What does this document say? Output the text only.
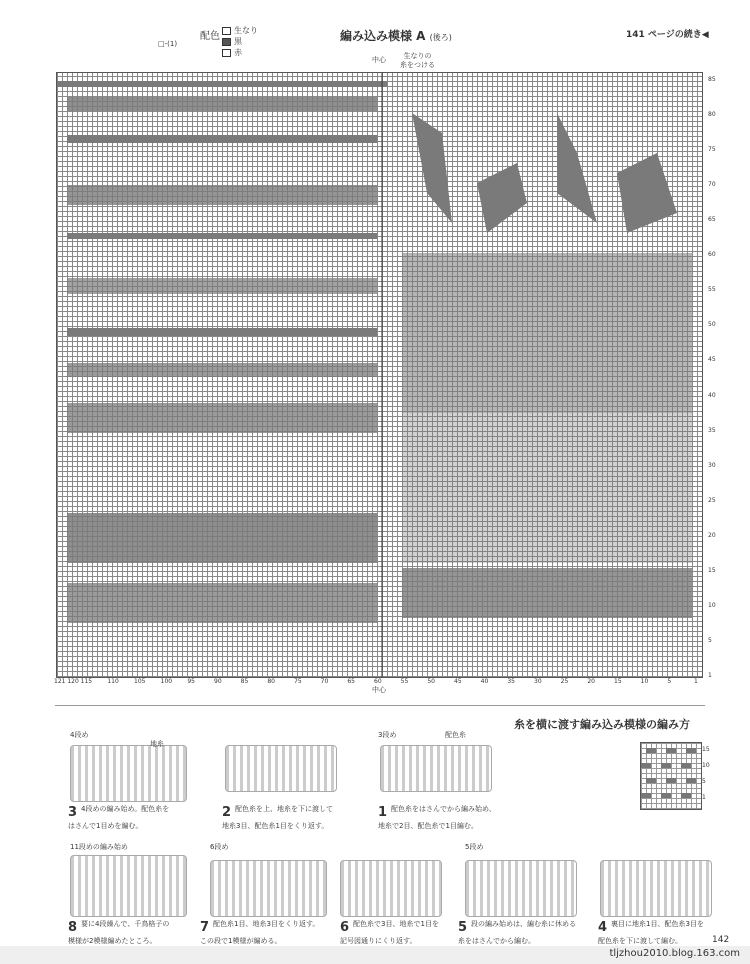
□-(1)
配色
生なり
黒
赤
編み込み模様 A (後ろ)	141 ページの続き◀
中心	生なりの
糸をつける
85
80
75
70
65
60
55
50
45
40
35
30
25
20
15
10
5
1
121 120 115	110	105	100	95	90	85	80	75	70	65	60	55	50	45	40	35	30	25	20	15	10	5	1
中心
糸を横に渡す編み込み模様の編み方
15
10
5
1
4段め	3段め
11段めの編み始め	6段め	5段め
地糸
配色糸
3 4段めの編み始め。配色糸を
はさんで1目めを編む。
2 配色糸を上、地糸を下に渡して
地糸3目、配色糸1目をくり返す。
1 配色糸をはさんでから編み始め、
地糸で2目、配色糸で1目編む。
8 要に4段繰んで、千鳥格子の
模様が2模様編めたところ。
7 配色糸1目、地糸3目をくり返す。
この段で1模様が編める。
6 配色糸で3目、地糸で1目を
記号図通りにくり返す。
5 段の編み始めは、編む糸に休める
糸をはさんでから編む。
4 裏目に地糸1目、配色糸3目を
配色糸を下に渡して編む。	142
tljzhou2010.blog.163.com
